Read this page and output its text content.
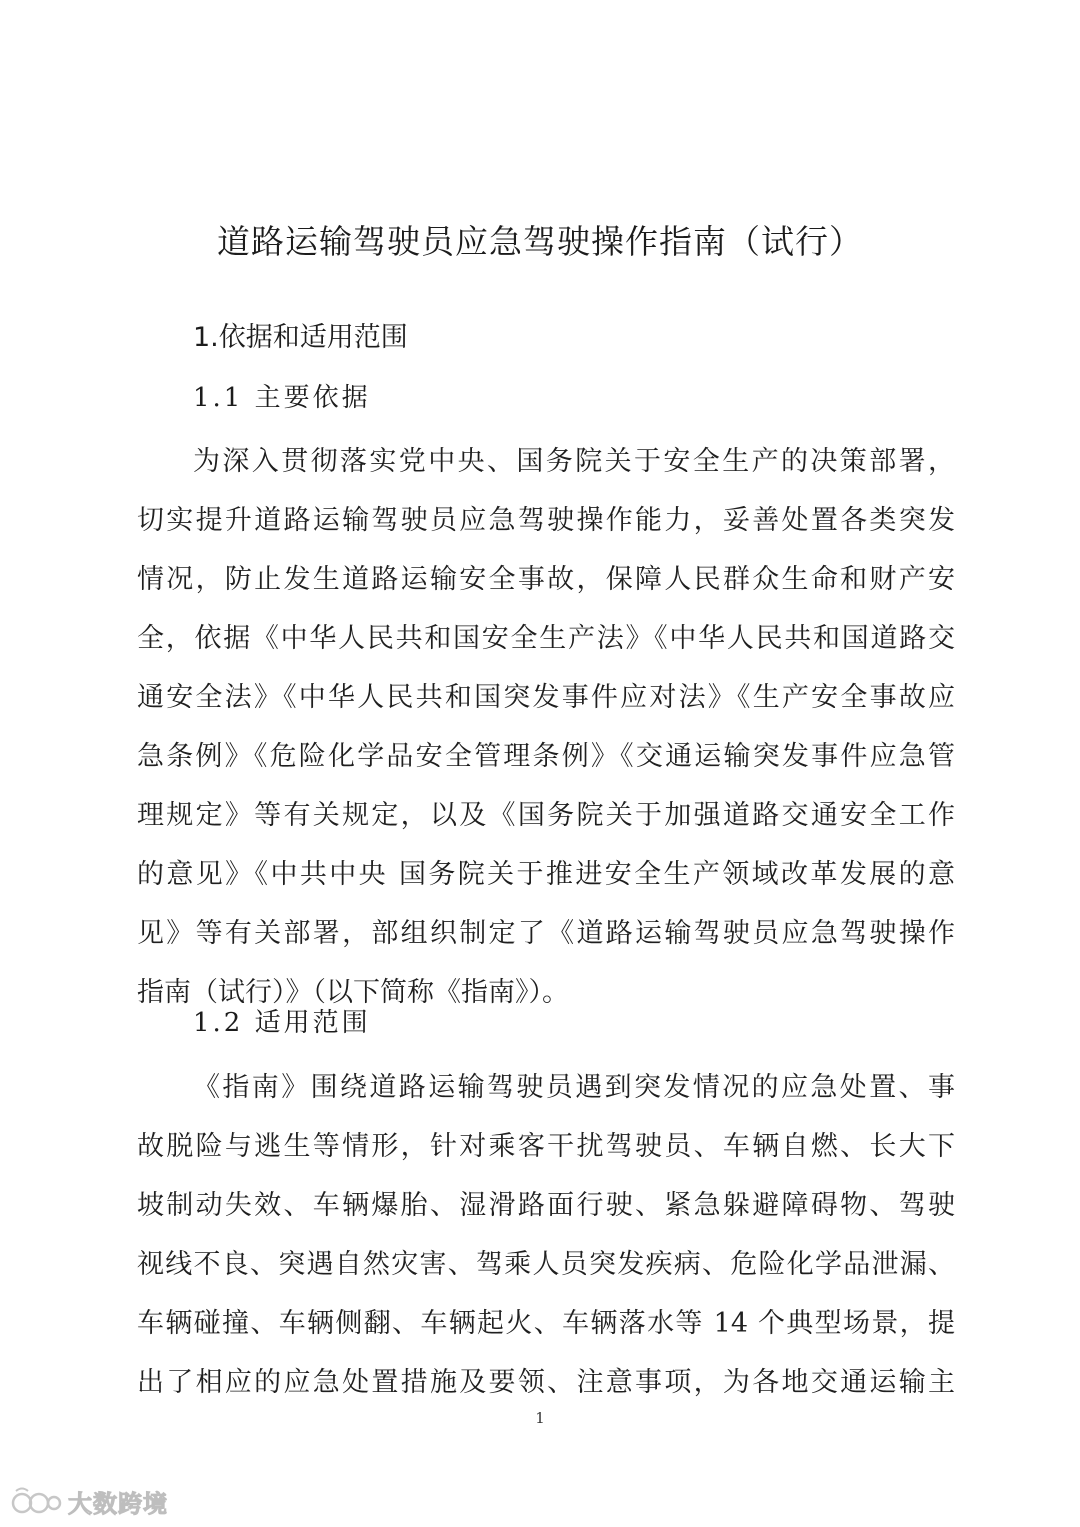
道路运输驾驶员应急驾驶操作指南（试行）
1.依据和适用范围
1.1 主要依据
为深入贯彻落实党中央、国务院关于安全生产的决策部署，
切实提升道路运输驾驶员应急驾驶操作能力，妥善处置各类突发
情况，防止发生道路运输安全事故，保障人民群众生命和财产安
全，依据《中华人民共和国安全生产法》《中华人民共和国道路交
通安全法》《中华人民共和国突发事件应对法》《生产安全事故应
急条例》《危险化学品安全管理条例》《交通运输突发事件应急管
理规定》等有关规定，以及《国务院关于加强道路交通安全工作
的意见》《中共中央 国务院关于推进安全生产领域改革发展的意
见》等有关部署，部组织制定了《道路运输驾驶员应急驾驶操作
指南（试行）》（以下简称《指南》）。
1.2 适用范围
《指南》围绕道路运输驾驶员遇到突发情况的应急处置、事
故脱险与逃生等情形，针对乘客干扰驾驶员、车辆自燃、长大下
坡制动失效、车辆爆胎、湿滑路面行驶、紧急躲避障碍物、驾驶
视线不良、突遇自然灾害、驾乘人员突发疾病、危险化学品泄漏、
车辆碰撞、车辆侧翻、车辆起火、车辆落水等 14 个典型场景，提
出了相应的应急处置措施及要领、注意事项，为各地交通运输主
1
大数跨境
